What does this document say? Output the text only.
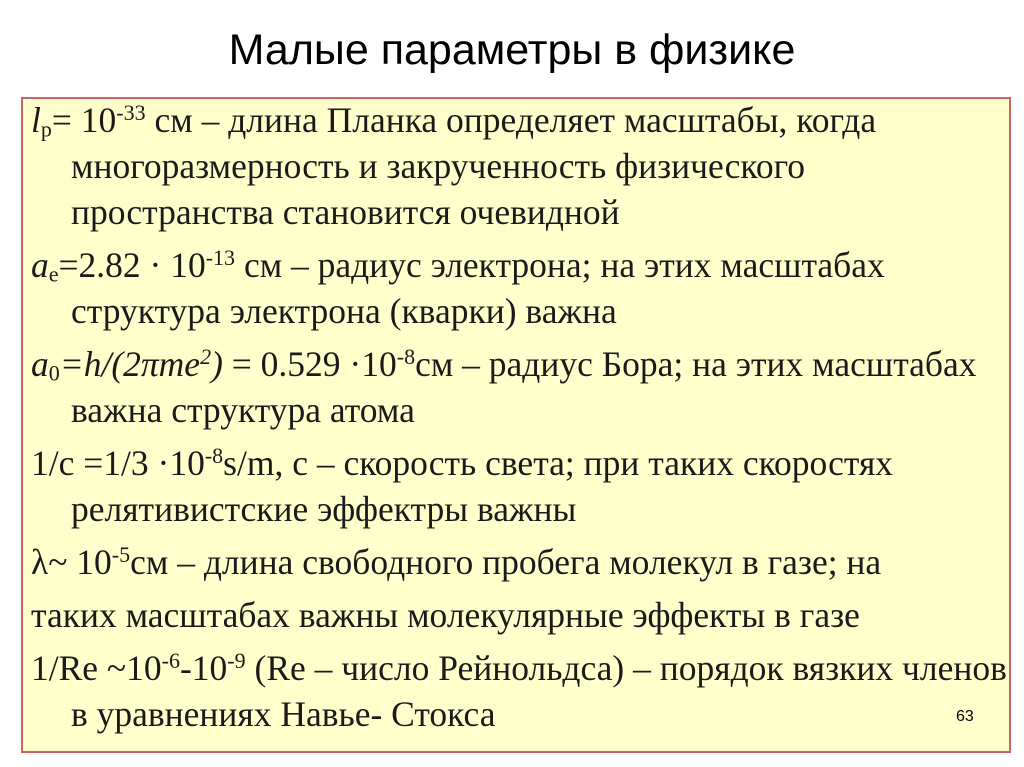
Малые параметры в физике

$l_p= 10^{-33}$ см – длина Планка определяет масштабы, когда многоразмерность и закрученность физического пространства становится очевидной

$a_e=2.82 \cdot 10^{-13}$ см – радиус электрона; на этих масштабах структура электрона (кварки) важна

$a_0=h/(2\pi me^2) = 0.529 \cdot 10^{-8}см$ – радиус Бора; на этих масштабах важна структура атома

$1/c =1/3 \cdot 10^{-8}s/m$, c – скорость света; при таких скоростях релятивистские эффектры важны

λ~ $10^{-5}см$ – длина свободного пробега молекул в газе; на

таких масштабах важны молекулярные эффекты в газе

1/Re $\sim 10^{-6}-10^{-9}$ (Re – число Рейнольдса) – порядок вязких членов в уравнениях Навье- Стокса	63
